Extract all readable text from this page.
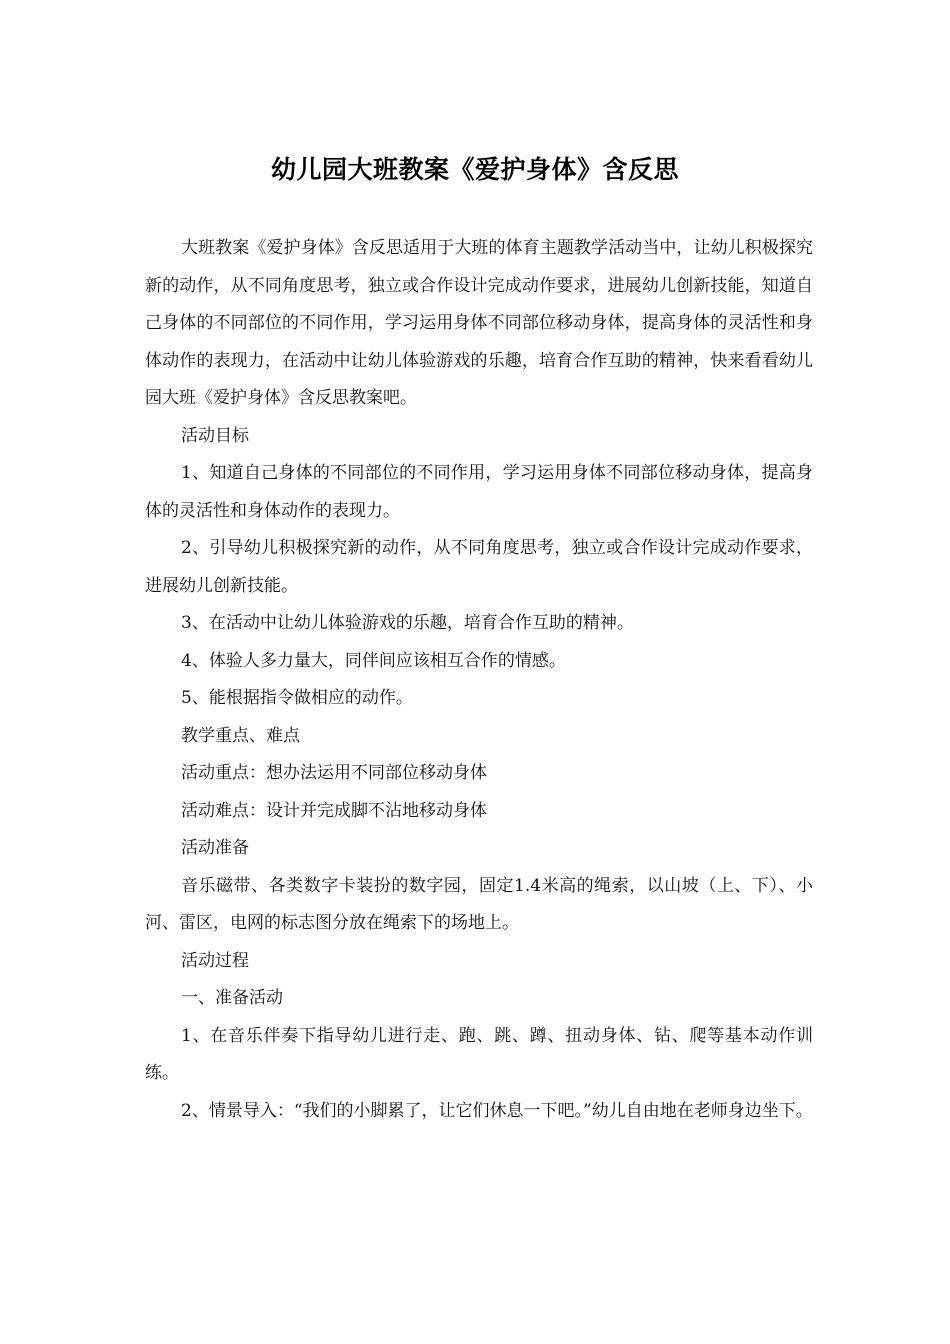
幼儿园大班教案《爱护身体》含反思

大班教案《爱护身体》含反思适用于大班的体育主题教学活动当中，让幼儿积极探究新的动作，从不同角度思考，独立或合作设计完成动作要求，进展幼儿创新技能，知道自己身体的不同部位的不同作用，学习运用身体不同部位移动身体，提高身体的灵活性和身体动作的表现力，在活动中让幼儿体验游戏的乐趣，培育合作互助的精神，快来看看幼儿园大班《爱护身体》含反思教案吧。

活动目标

1、知道自己身体的不同部位的不同作用，学习运用身体不同部位移动身体，提高身体的灵活性和身体动作的表现力。

2、引导幼儿积极探究新的动作，从不同角度思考，独立或合作设计完成动作要求，进展幼儿创新技能。

3、在活动中让幼儿体验游戏的乐趣，培育合作互助的精神。

4、体验人多力量大，同伴间应该相互合作的情感。

5、能根据指令做相应的动作。

教学重点、难点

活动重点：想办法运用不同部位移动身体

活动难点：设计并完成脚不沾地移动身体

活动准备

音乐磁带、各类数字卡装扮的数字园，固定1.4米高的绳索，以山坡（上、下）、小河、雷区，电网的标志图分放在绳索下的场地上。

活动过程

一、准备活动

1、在音乐伴奏下指导幼儿进行走、跑、跳、蹲、扭动身体、钻、爬等基本动作训练。

2、情景导入：“我们的小脚累了，让它们休息一下吧。”幼儿自由地在老师身边坐下。
